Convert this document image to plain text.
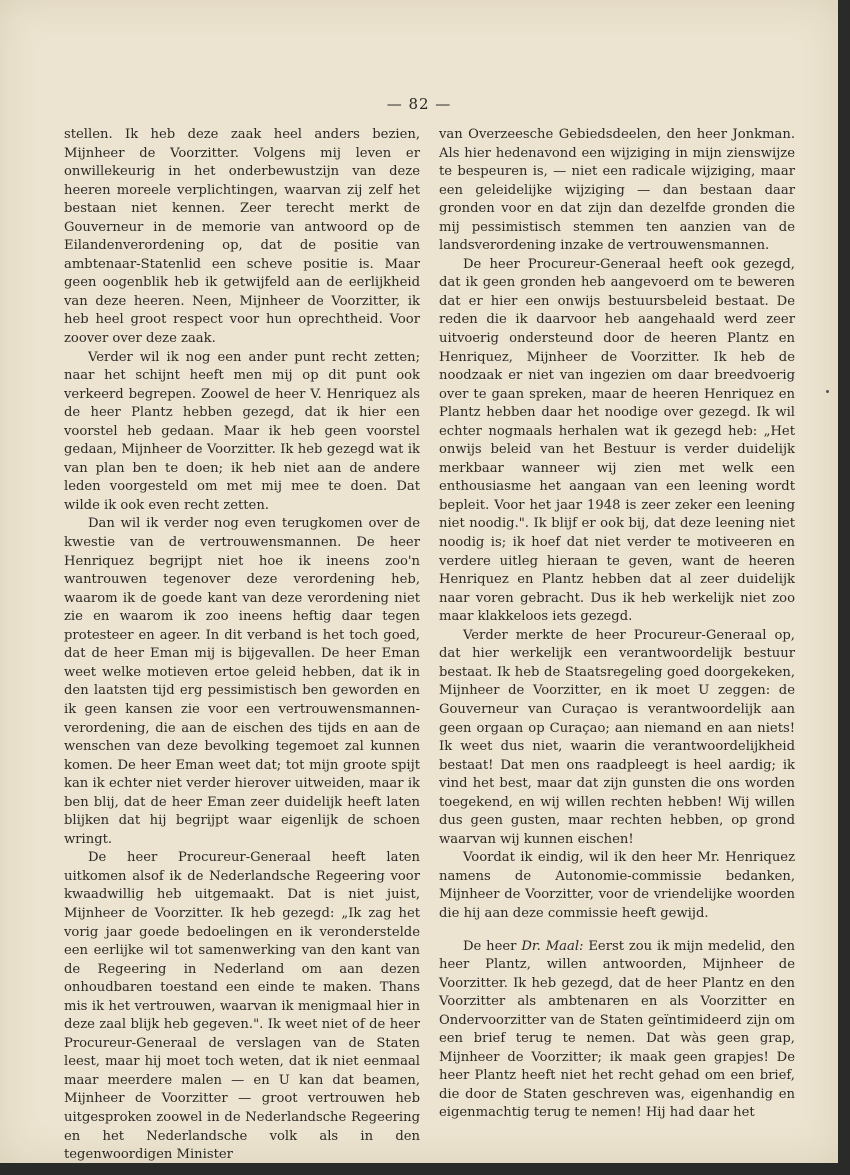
— 82 —

stellen. Ik heb deze zaak heel anders bezien, Mijnheer de Voorzitter. Volgens mij leven er onwillekeurig in het onderbewustzijn van deze heeren moreele verplichtingen, waarvan zij zelf het bestaan niet kennen. Zeer terecht merkt de Gouverneur in de memorie van antwoord op de Eilandenverordening op, dat de positie van ambtenaar-Statenlid een scheve positie is. Maar geen oogenblik heb ik getwijfeld aan de eerlijkheid van deze heeren. Neen, Mijnheer de Voorzitter, ik heb heel groot respect voor hun oprechtheid. Voor zoover over deze zaak.

Verder wil ik nog een ander punt recht zetten; naar het schijnt heeft men mij op dit punt ook verkeerd begrepen. Zoowel de heer V. Henriquez als de heer Plantz hebben gezegd, dat ik hier een voorstel heb gedaan. Maar ik heb geen voorstel gedaan, Mijnheer de Voorzitter. Ik heb gezegd wat ik van plan ben te doen; ik heb niet aan de andere leden voorgesteld om met mij mee te doen. Dat wilde ik ook even recht zetten.

Dan wil ik verder nog even terugkomen over de kwestie van de vertrouwensmannen. De heer Henriquez begrijpt niet hoe ik ineens zoo'n wantrouwen tegenover deze verordening heb, waarom ik de goede kant van deze verordening niet zie en waarom ik zoo ineens heftig daar tegen protesteer en ageer. In dit verband is het toch goed, dat de heer Eman mij is bijgevallen. De heer Eman weet welke motieven ertoe geleid hebben, dat ik in den laatsten tijd erg pessimistisch ben geworden en ik geen kansen zie voor een vertrouwensmannen-verordening, die aan de eischen des tijds en aan de wenschen van deze bevolking tegemoet zal kunnen komen. De heer Eman weet dat; tot mijn groote spijt kan ik echter niet verder hierover uitweiden, maar ik ben blij, dat de heer Eman zeer duidelijk heeft laten blijken dat hij begrijpt waar eigenlijk de schoen wringt.

De heer Procureur-Generaal heeft laten uitkomen alsof ik de Nederlandsche Regeering voor kwaadwillig heb uitgemaakt. Dat is niet juist, Mijnheer de Voorzitter. Ik heb gezegd: „Ik zag het vorig jaar goede bedoelingen en ik veronderstelde een eerlijke wil tot samenwerking van den kant van de Regeering in Nederland om aan dezen onhoudbaren toestand een einde te maken. Thans mis ik het vertrouwen, waarvan ik menigmaal hier in deze zaal blijk heb gegeven.". Ik weet niet of de heer Procureur-Generaal de verslagen van de Staten leest, maar hij moet toch weten, dat ik niet eenmaal maar meerdere malen — en U kan dat beamen, Mijnheer de Voorzitter — groot vertrouwen heb uitgesproken zoowel in de Nederlandsche Regeering en het Nederlandsche volk als in den tegenwoordigen Minister

van Overzeesche Gebiedsdeelen, den heer Jonkman. Als hier hedenavond een wijziging in mijn zienswijze te bespeuren is, — niet een radicale wijziging, maar een geleidelijke wijziging — dan bestaan daar gronden voor en dat zijn dan dezelfde gronden die mij pessimistisch stemmen ten aanzien van de landsverordening inzake de vertrouwensmannen.

De heer Procureur-Generaal heeft ook gezegd, dat ik geen gronden heb aangevoerd om te beweren dat er hier een onwijs bestuursbeleid bestaat. De reden die ik daarvoor heb aangehaald werd zeer uitvoerig ondersteund door de heeren Plantz en Henriquez, Mijnheer de Voorzitter. Ik heb de noodzaak er niet van ingezien om daar breedvoerig over te gaan spreken, maar de heeren Henriquez en Plantz hebben daar het noodige over gezegd. Ik wil echter nogmaals herhalen wat ik gezegd heb: „Het onwijs beleid van het Bestuur is verder duidelijk merkbaar wanneer wij zien met welk een enthousiasme het aangaan van een leening wordt bepleit. Voor het jaar 1948 is zeer zeker een leening niet noodig.". Ik blijf er ook bij, dat deze leening niet noodig is; ik hoef dat niet verder te motiveeren en verdere uitleg hieraan te geven, want de heeren Henriquez en Plantz hebben dat al zeer duidelijk naar voren gebracht. Dus ik heb werkelijk niet zoo maar klakkeloos iets gezegd.

Verder merkte de heer Procureur-Generaal op, dat hier werkelijk een verantwoordelijk bestuur bestaat. Ik heb de Staatsregeling goed doorgekeken, Mijnheer de Voorzitter, en ik moet U zeggen: de Gouverneur van Curaçao is verantwoordelijk aan geen orgaan op Curaçao; aan niemand en aan niets! Ik weet dus niet, waarin die verantwoordelijkheid bestaat! Dat men ons raadpleegt is heel aardig; ik vind het best, maar dat zijn gunsten die ons worden toegekend, en wij willen rechten hebben! Wij willen dus geen gusten, maar rechten hebben, op grond waarvan wij kunnen eischen!

Voordat ik eindig, wil ik den heer Mr. Henriquez namens de Autonomie-commissie bedanken, Mijnheer de Voorzitter, voor de vriendelijke woorden die hij aan deze commissie heeft gewijd.

De heer Dr. Maal: Eerst zou ik mijn medelid, den heer Plantz, willen antwoorden, Mijnheer de Voorzitter. Ik heb gezegd, dat de heer Plantz en den Voorzitter als ambtenaren en als Voorzitter en Ondervoorzitter van de Staten geïntimideerd zijn om een brief terug te nemen. Dat wàs geen grap, Mijnheer de Voorzitter; ik maak geen grapjes! De heer Plantz heeft niet het recht gehad om een brief, die door de Staten geschreven was, eigenhandig en eigenmachtig terug te nemen! Hij had daar het
